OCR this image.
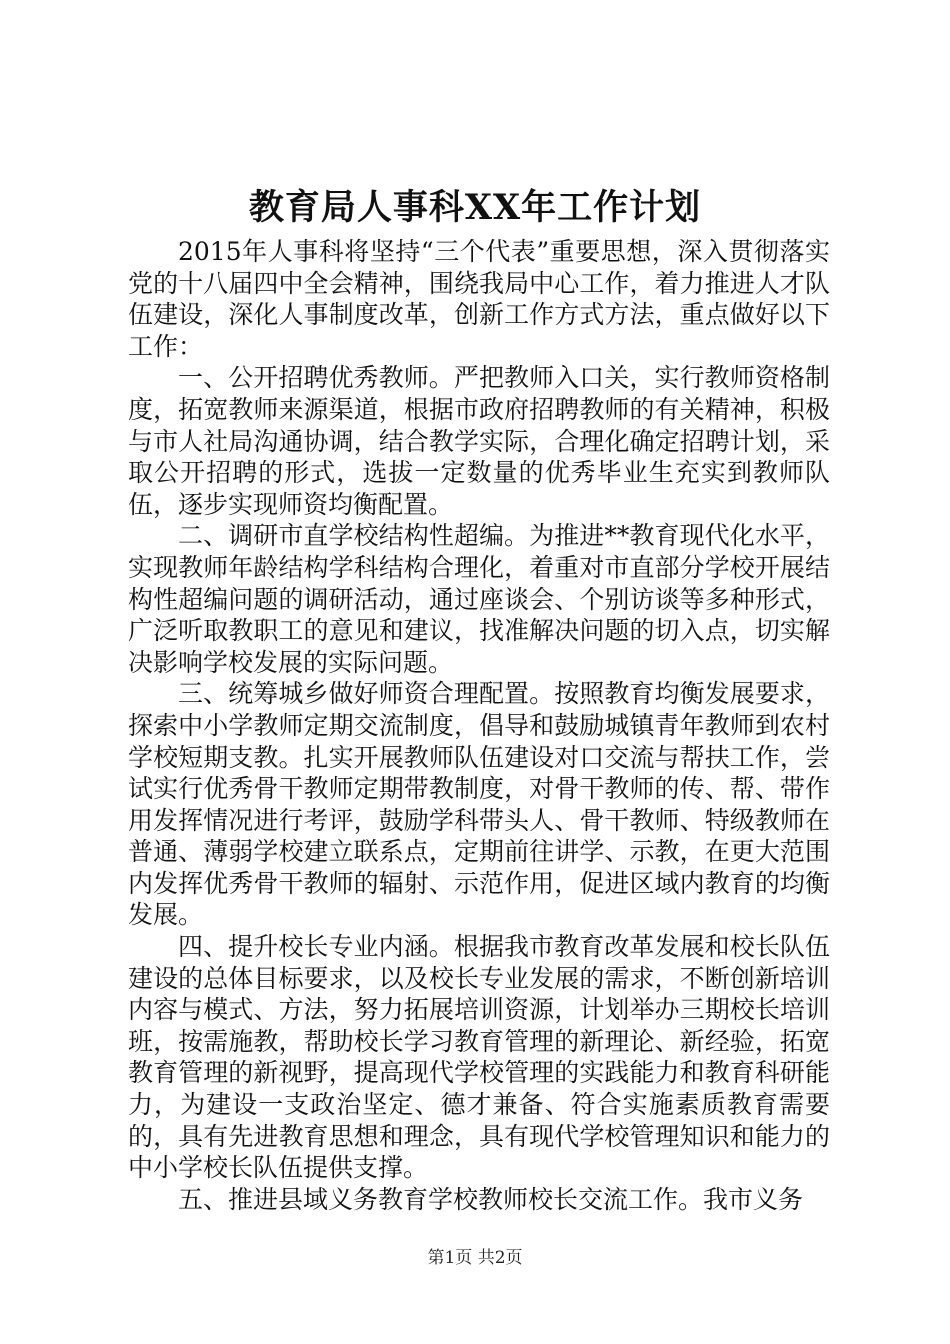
教育局人事科XX年工作计划

2015年人事科将坚持“三个代表”重要思想，深入贯彻落实党的十八届四中全会精神，围绕我局中心工作，着力推进人才队伍建设，深化人事制度改革，创新工作方式方法，重点做好以下工作：

一、公开招聘优秀教师。严把教师入口关，实行教师资格制度，拓宽教师来源渠道，根据市政府招聘教师的有关精神，积极与市人社局沟通协调，结合教学实际，合理化确定招聘计划，采取公开招聘的形式，选拔一定数量的优秀毕业生充实到教师队伍，逐步实现师资均衡配置。

二、调研市直学校结构性超编。为推进**教育现代化水平，实现教师年龄结构学科结构合理化，着重对市直部分学校开展结构性超编问题的调研活动，通过座谈会、个别访谈等多种形式，广泛听取教职工的意见和建议，找准解决问题的切入点，切实解决影响学校发展的实际问题。

三、统筹城乡做好师资合理配置。按照教育均衡发展要求，探索中小学教师定期交流制度，倡导和鼓励城镇青年教师到农村学校短期支教。扎实开展教师队伍建设对口交流与帮扶工作，尝试实行优秀骨干教师定期带教制度，对骨干教师的传、帮、带作用发挥情况进行考评，鼓励学科带头人、骨干教师、特级教师在普通、薄弱学校建立联系点，定期前往讲学、示教，在更大范围内发挥优秀骨干教师的辐射、示范作用，促进区域内教育的均衡发展。

四、提升校长专业内涵。根据我市教育改革发展和校长队伍建设的总体目标要求，以及校长专业发展的需求，不断创新培训内容与模式、方法，努力拓展培训资源，计划举办三期校长培训班，按需施教，帮助校长学习教育管理的新理论、新经验，拓宽教育管理的新视野，提高现代学校管理的实践能力和教育科研能力，为建设一支政治坚定、德才兼备、符合实施素质教育需要的，具有先进教育思想和理念，具有现代学校管理知识和能力的中小学校长队伍提供支撑。

五、推进县域义务教育学校教师校长交流工作。我市义务

第1页 共2页
